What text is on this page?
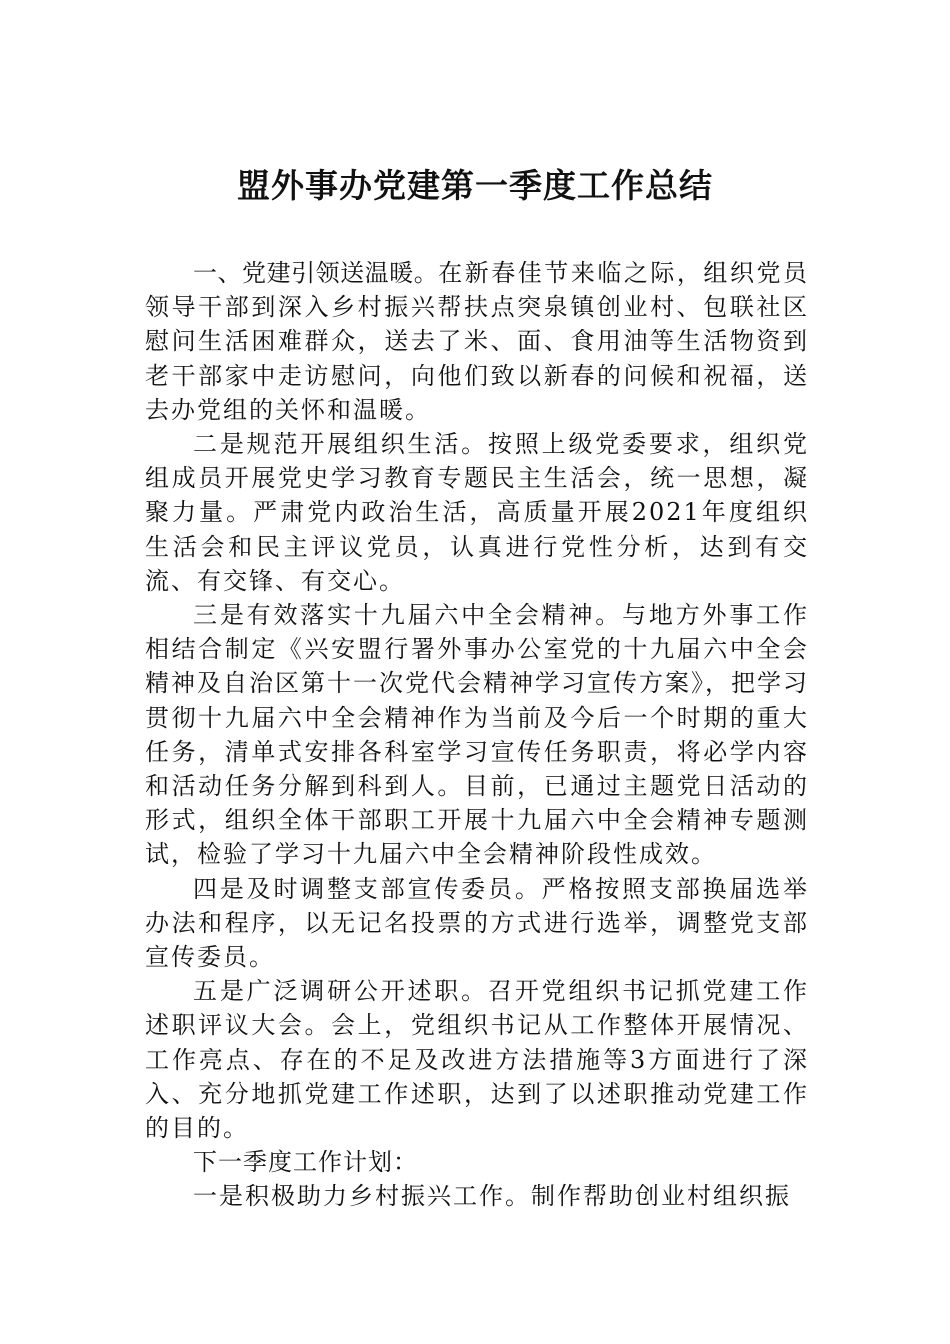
盟外事办党建第一季度工作总结

一、党建引领送温暖。在新春佳节来临之际，组织党员领导干部到深入乡村振兴帮扶点突泉镇创业村、包联社区慰问生活困难群众，送去了米、面、食用油等生活物资到老干部家中走访慰问，向他们致以新春的问候和祝福，送去办党组的关怀和温暖。

二是规范开展组织生活。按照上级党委要求，组织党组成员开展党史学习教育专题民主生活会，统一思想，凝聚力量。严肃党内政治生活，高质量开展2021年度组织生活会和民主评议党员，认真进行党性分析，达到有交流、有交锋、有交心。

三是有效落实十九届六中全会精神。与地方外事工作相结合制定《兴安盟行署外事办公室党的十九届六中全会精神及自治区第十一次党代会精神学习宣传方案》，把学习贯彻十九届六中全会精神作为当前及今后一个时期的重大任务，清单式安排各科室学习宣传任务职责，将必学内容和活动任务分解到科到人。目前，已通过主题党日活动的形式，组织全体干部职工开展十九届六中全会精神专题测试，检验了学习十九届六中全会精神阶段性成效。

四是及时调整支部宣传委员。严格按照支部换届选举办法和程序，以无记名投票的方式进行选举，调整党支部宣传委员。

五是广泛调研公开述职。召开党组织书记抓党建工作述职评议大会。会上，党组织书记从工作整体开展情况、工作亮点、存在的不足及改进方法措施等3方面进行了深入、充分地抓党建工作述职，达到了以述职推动党建工作的目的。

下一季度工作计划：

一是积极助力乡村振兴工作。制作帮助创业村组织振
